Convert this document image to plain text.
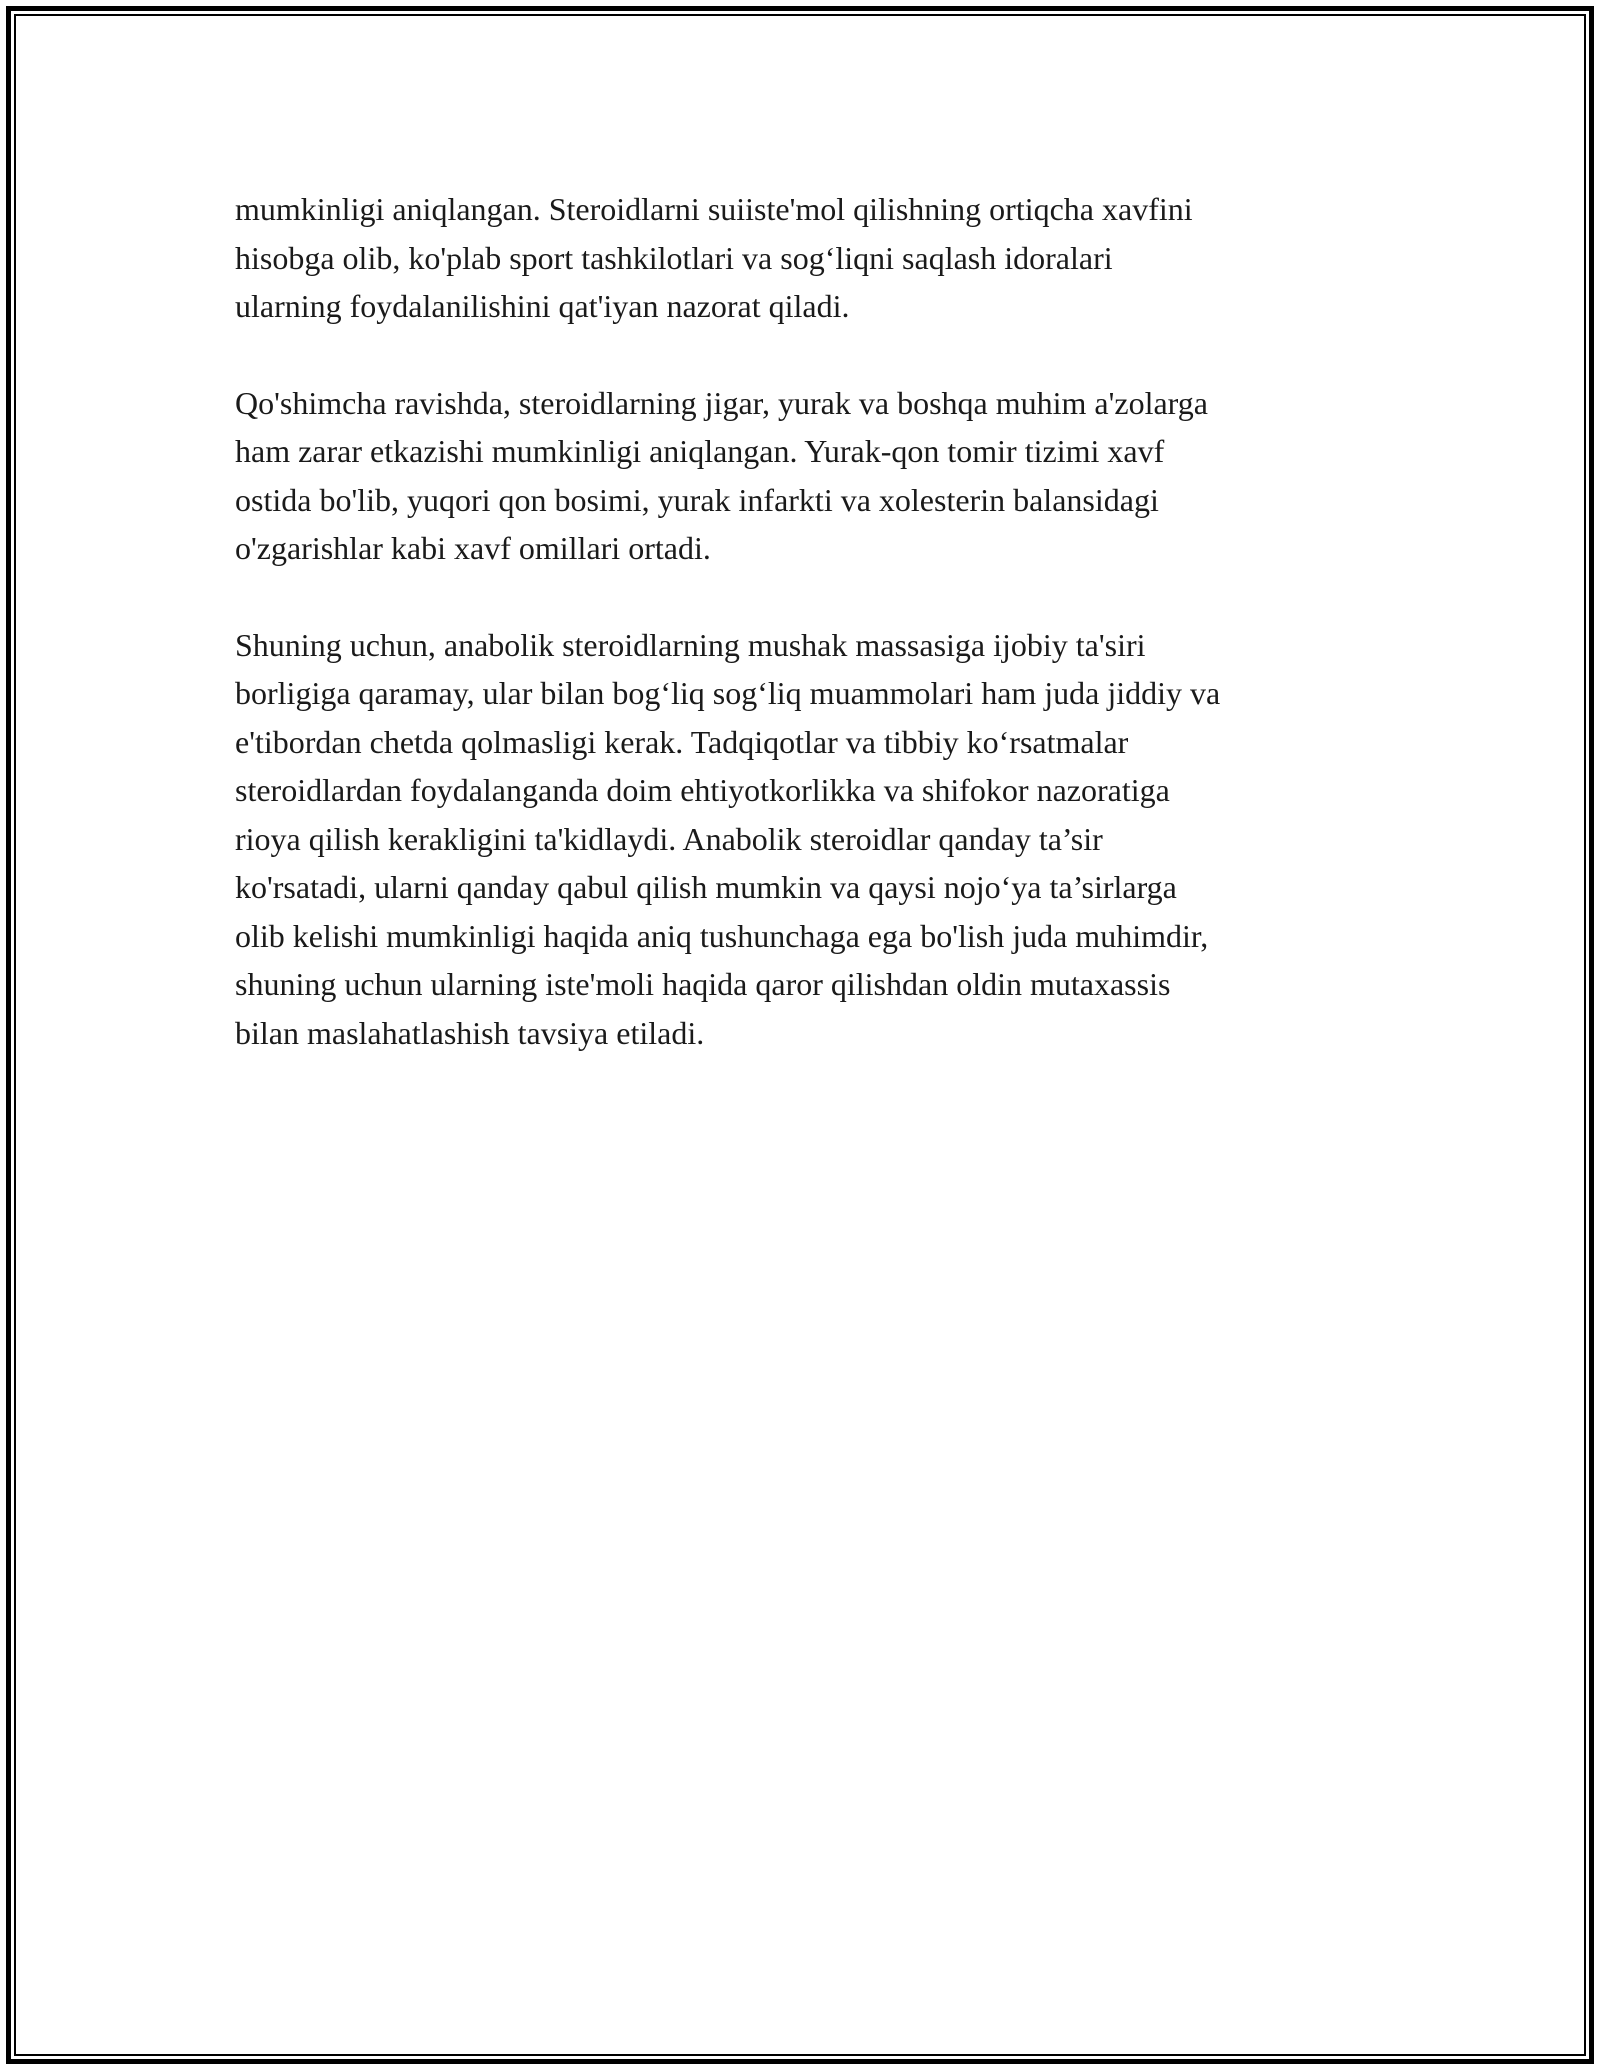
mumkinligi aniqlangan. Steroidlarni suiiste'mol qilishning ortiqcha xavfini
hisobga olib, ko'plab sport tashkilotlari va sog‘liqni saqlash idoralari
ularning foydalanilishini qat'iyan nazorat qiladi.

Qo'shimcha ravishda, steroidlarning jigar, yurak va boshqa muhim a'zolarga
ham zarar etkazishi mumkinligi aniqlangan. Yurak-qon tomir tizimi xavf
ostida bo'lib, yuqori qon bosimi, yurak infarkti va xolesterin balansidagi
o'zgarishlar kabi xavf omillari ortadi.

Shuning uchun, anabolik steroidlarning mushak massasiga ijobiy ta'siri
borligiga qaramay, ular bilan bog‘liq sog‘liq muammolari ham juda jiddiy va
e'tibordan chetda qolmasligi kerak. Tadqiqotlar va tibbiy ko‘rsatmalar
steroidlardan foydalanganda doim ehtiyotkorlikka va shifokor nazoratiga
rioya qilish kerakligini ta'kidlaydi. Anabolik steroidlar qanday ta’sir
ko'rsatadi, ularni qanday qabul qilish mumkin va qaysi nojo‘ya ta’sirlarga
olib kelishi mumkinligi haqida aniq tushunchaga ega bo'lish juda muhimdir,
shuning uchun ularning iste'moli haqida qaror qilishdan oldin mutaxassis
bilan maslahatlashish tavsiya etiladi.
